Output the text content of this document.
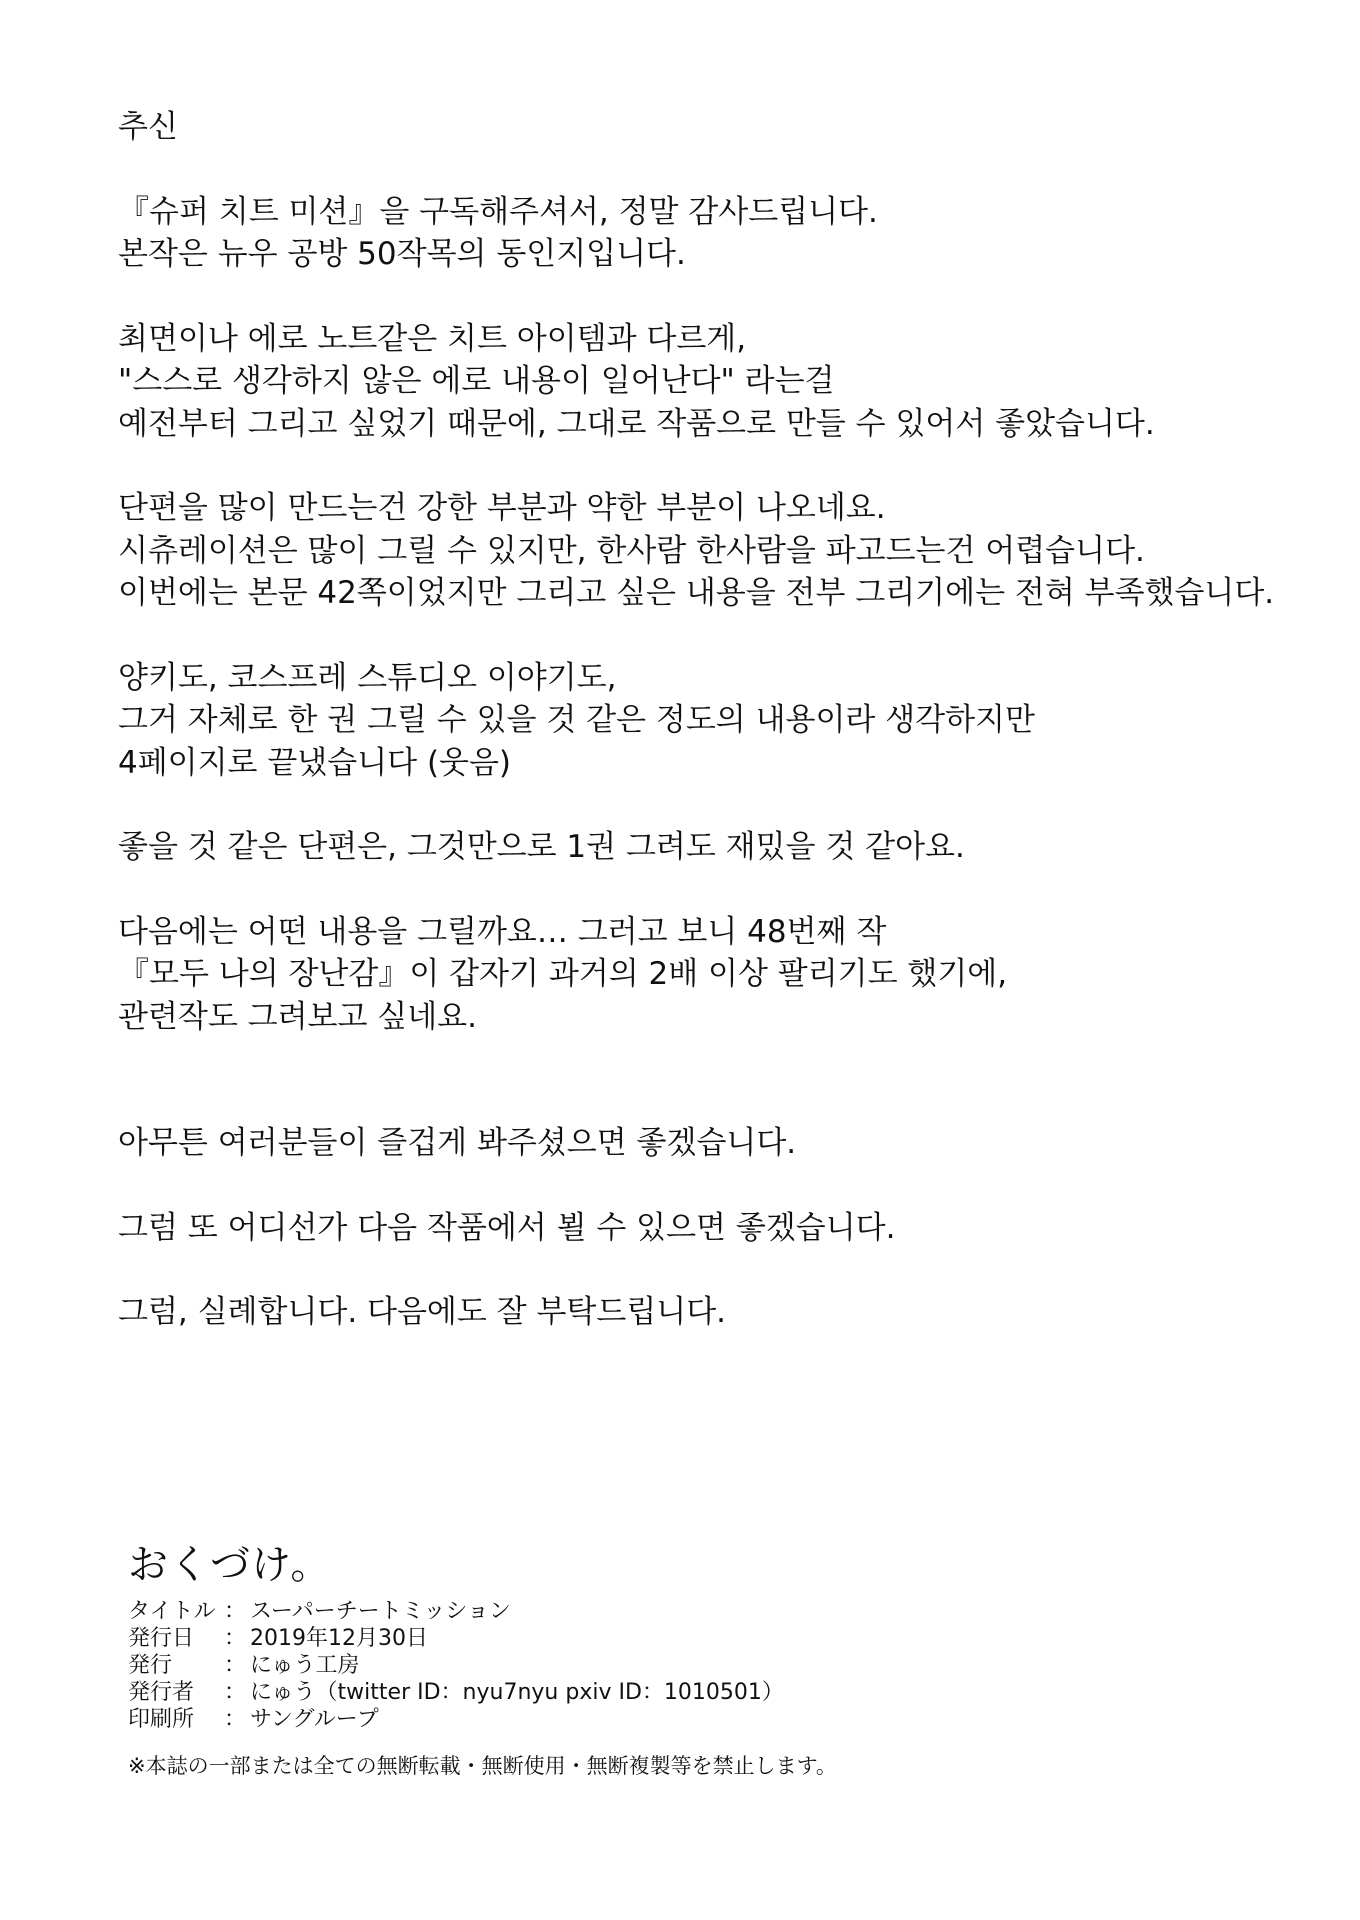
추신

『슈퍼 치트 미션』을 구독해주셔서, 정말 감사드립니다.
본작은 뉴우 공방 50작목의 동인지입니다.

최면이나 에로 노트같은 치트 아이템과 다르게,
"스스로 생각하지 않은 에로 내용이 일어난다" 라는걸
예전부터 그리고 싶었기 때문에, 그대로 작품으로 만들 수 있어서 좋았습니다.

단편을 많이 만드는건 강한 부분과 약한 부분이 나오네요.
시츄레이션은 많이 그릴 수 있지만, 한사람 한사람을 파고드는건 어렵습니다.
이번에는 본문 42쪽이었지만 그리고 싶은 내용을 전부 그리기에는 전혀 부족했습니다.

양키도, 코스프레 스튜디오 이야기도,
그거 자체로 한 권 그릴 수 있을 것 같은 정도의 내용이라 생각하지만
4페이지로 끝냈습니다 (웃음)

좋을 것 같은 단편은, 그것만으로 1권 그려도 재밌을 것 같아요.

다음에는 어떤 내용을 그릴까요… 그러고 보니 48번째 작
『모두 나의 장난감』이 갑자기 과거의 2배 이상 팔리기도 했기에,
관련작도 그려보고 싶네요.

아무튼 여러분들이 즐겁게 봐주셨으면 좋겠습니다.

그럼 또 어디선가 다음 작품에서 뵐 수 있으면 좋겠습니다.

그럼, 실례합니다. 다음에도 잘 부탁드립니다.

おくづけ。
タイトル ： スーパーチートミッション
発行日	： 2019年12月30日
発行	： にゅう工房
発行者	： にゅう（twitter ID：nyu7nyu pxiv ID：1010501）
印刷所	： サングループ
※本誌の一部または全ての無断転載・無断使用・無断複製等を禁止します。
